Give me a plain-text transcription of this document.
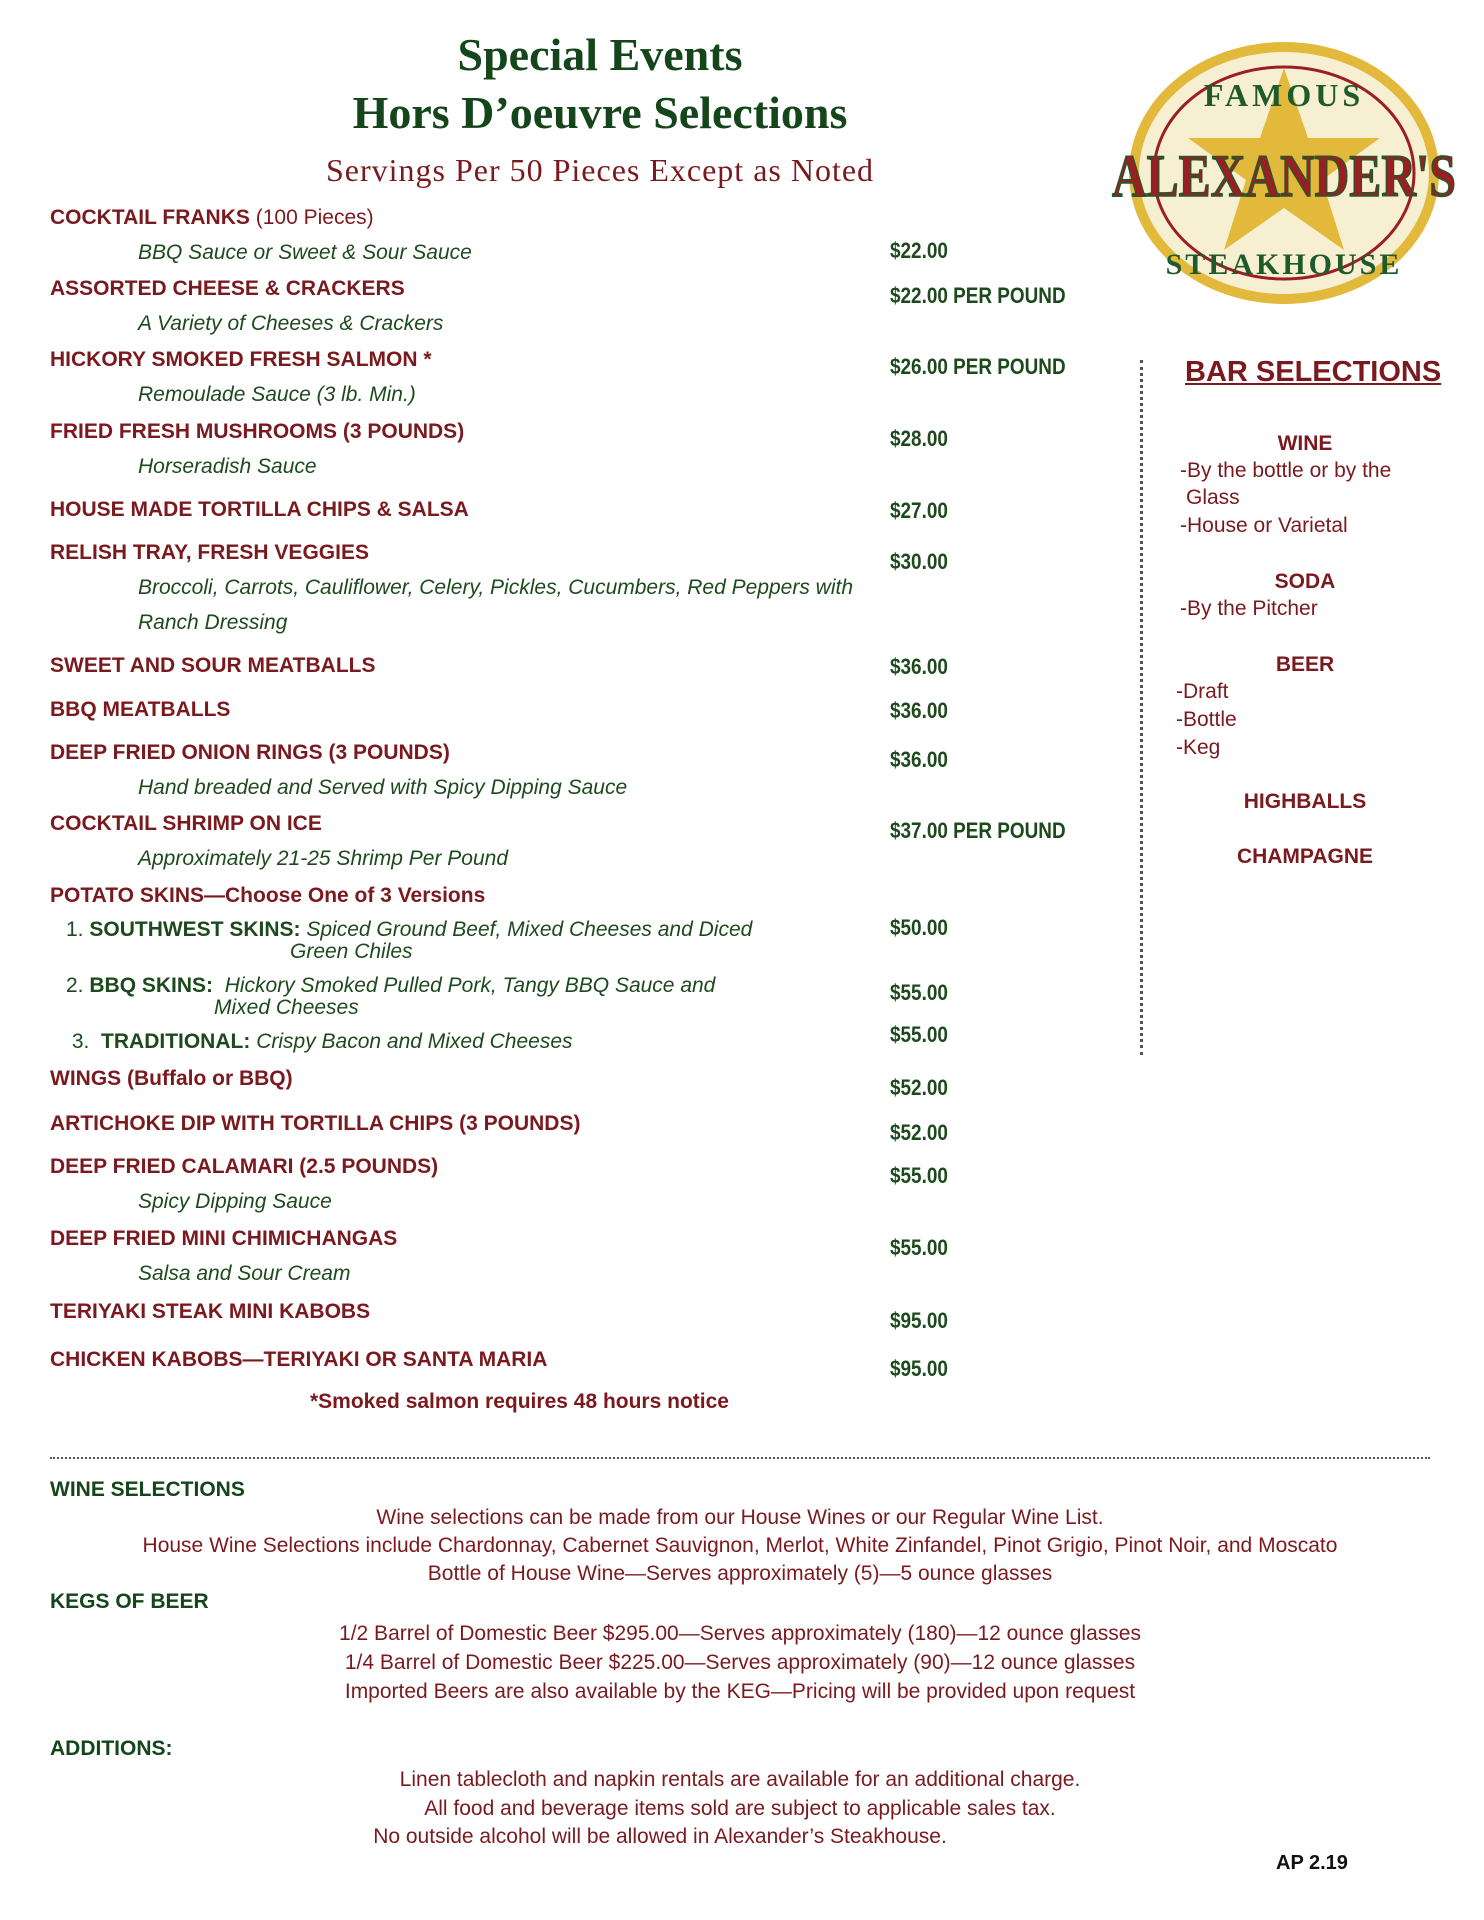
Special Events
Hors D’oeuvre Selections
Servings Per 50 Pieces Except as Noted
FAMOUS
ALEXANDER'S
STEAKHOUSE
COCKTAIL FRANKS (100 Pieces)
BBQ Sauce or Sweet & Sour Sauce	$22.00
ASSORTED CHEESE & CRACKERS
A Variety of Cheeses & Crackers
$22.00 PER POUND
HICKORY SMOKED FRESH SALMON *
Remoulade Sauce (3 lb. Min.)
$26.00 PER POUND
FRIED FRESH MUSHROOMS (3 POUNDS)
Horseradish Sauce
$28.00
HOUSE MADE TORTILLA CHIPS & SALSA	$27.00
RELISH TRAY, FRESH VEGGIES
Broccoli, Carrots, Cauliflower, Celery, Pickles, Cucumbers, Red Peppers with
Ranch Dressing
$30.00
SWEET AND SOUR MEATBALLS	$36.00
BBQ MEATBALLS	$36.00
DEEP FRIED ONION RINGS (3 POUNDS)
Hand breaded and Served with Spicy Dipping Sauce
$36.00
COCKTAIL SHRIMP ON ICE
Approximately 21-25 Shrimp Per Pound
$37.00 PER POUND
POTATO SKINS—Choose One of 3 Versions
1. SOUTHWEST SKINS: Spiced Ground Beef, Mixed Cheeses and Diced
Green Chiles
$50.00
2. BBQ SKINS: Hickory Smoked Pulled Pork, Tangy BBQ Sauce and
Mixed Cheeses
$55.00
3. TRADITIONAL: Crispy Bacon and Mixed Cheeses	$55.00
WINGS (Buffalo or BBQ)	$52.00
ARTICHOKE DIP WITH TORTILLA CHIPS (3 POUNDS)	$52.00
DEEP FRIED CALAMARI (2.5 POUNDS)
Spicy Dipping Sauce
$55.00
DEEP FRIED MINI CHIMICHANGAS
Salsa and Sour Cream
$55.00
TERIYAKI STEAK MINI KABOBS	$95.00
CHICKEN KABOBS—TERIYAKI OR SANTA MARIA	$95.00
*Smoked salmon requires 48 hours notice
BAR SELECTIONS
WINE
-By the bottle or by the
Glass
-House or Varietal
SODA
-By the Pitcher
BEER
-Draft
-Bottle
-Keg
HIGHBALLS
CHAMPAGNE
WINE SELECTIONS
Wine selections can be made from our House Wines or our Regular Wine List.
House Wine Selections include Chardonnay, Cabernet Sauvignon, Merlot, White Zinfandel, Pinot Grigio, Pinot Noir, and Moscato
Bottle of House Wine—Serves approximately (5)—5 ounce glasses
KEGS OF BEER
1/2 Barrel of Domestic Beer $295.00—Serves approximately (180)—12 ounce glasses
1/4 Barrel of Domestic Beer $225.00—Serves approximately (90)—12 ounce glasses
Imported Beers are also available by the KEG—Pricing will be provided upon request
ADDITIONS:
Linen tablecloth and napkin rentals are available for an additional charge.
All food and beverage items sold are subject to applicable sales tax.
No outside alcohol will be allowed in Alexander’s Steakhouse.
AP 2.19
